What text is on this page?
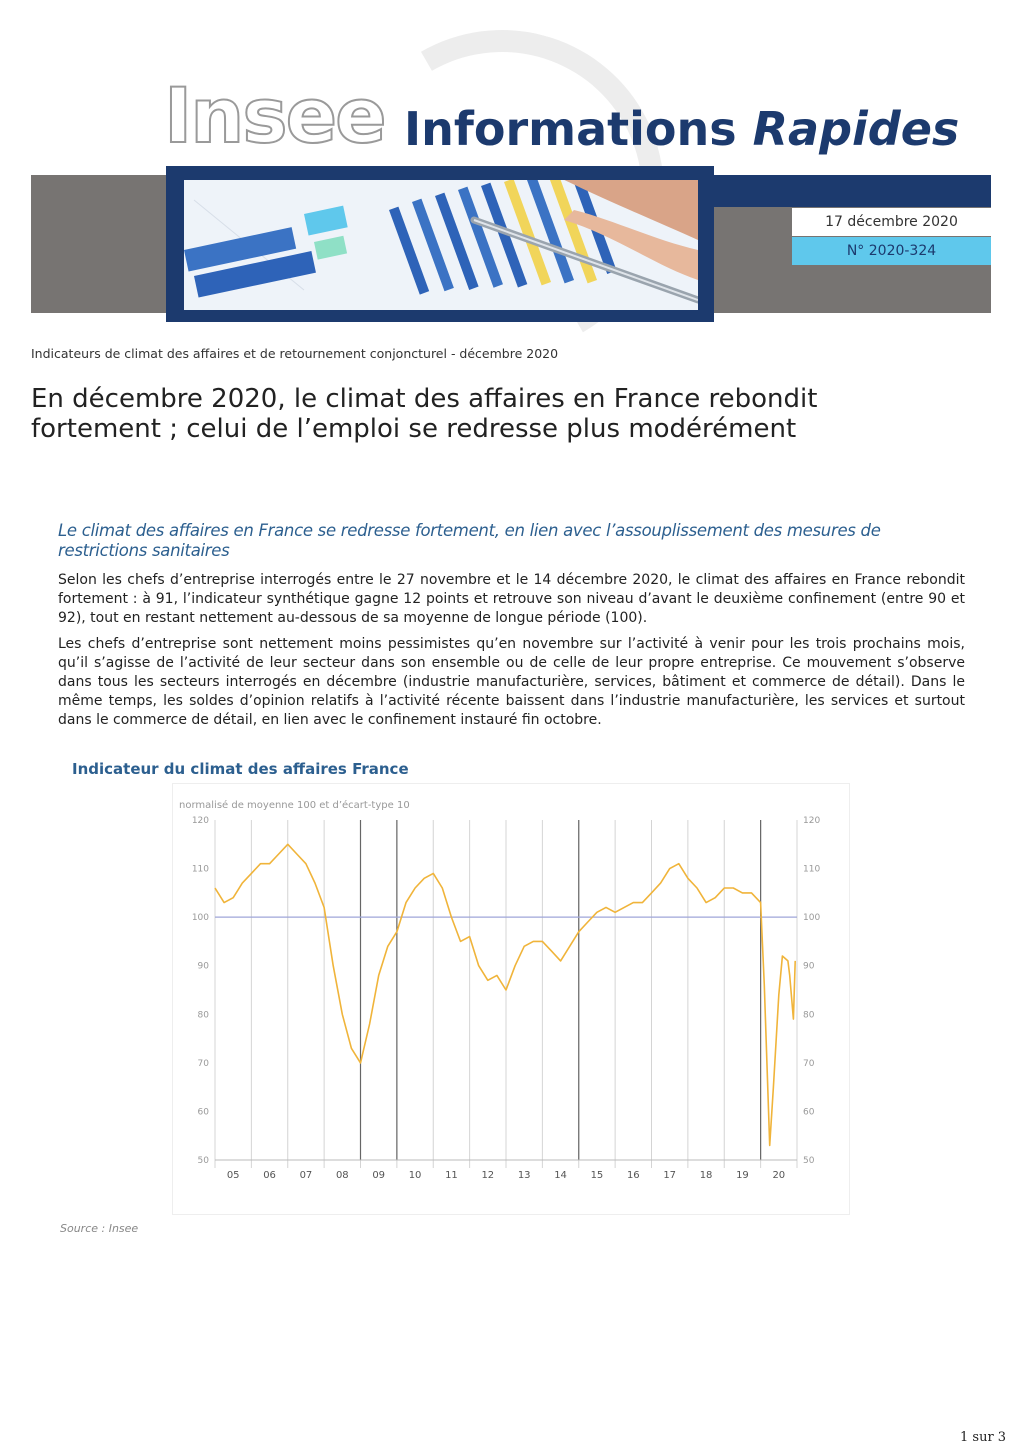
Insee Informations Rapides
17 décembre 2020
N° 2020-324
Indicateurs de climat des affaires et de retournement conjoncturel - décembre 2020
En décembre 2020, le climat des affaires en France rebondit fortement ; celui de l’emploi se redresse plus modérément
Le climat des affaires en France se redresse fortement, en lien avec l’assouplissement des mesures de restrictions sanitaires

Selon les chefs d’entreprise interrogés entre le 27 novembre et le 14 décembre 2020, le climat des affaires en France rebondit fortement : à 91, l’indicateur synthétique gagne 12 points et retrouve son niveau d’avant le deuxième confinement (entre 90 et 92), tout en restant nettement au-dessous de sa moyenne de longue période (100).

Les chefs d’entreprise sont nettement moins pessimistes qu’en novembre sur l’activité à venir pour les trois prochains mois, qu’il s’agisse de l’activité de leur secteur dans son ensemble ou de celle de leur propre entreprise. Ce mouvement s’observe dans tous les secteurs interrogés en décembre (industrie manufacturière, services, bâtiment et commerce de détail). Dans le même temps, les soldes d’opinion relatifs à l’activité récente baissent dans l’industrie manufacturière, les services et surtout dans le commerce de détail, en lien avec le confinement instauré fin octobre.

Indicateur du climat des affaires France
normalisé de moyenne 100 et d’écart-type 10
50	50
60	60
70	70
80	80
90	90
100	100
110	110
120	120
05 06 07 08 09 10 11 12 13 14 15 16 17 18 19 20
Source : Insee
1 sur 3
